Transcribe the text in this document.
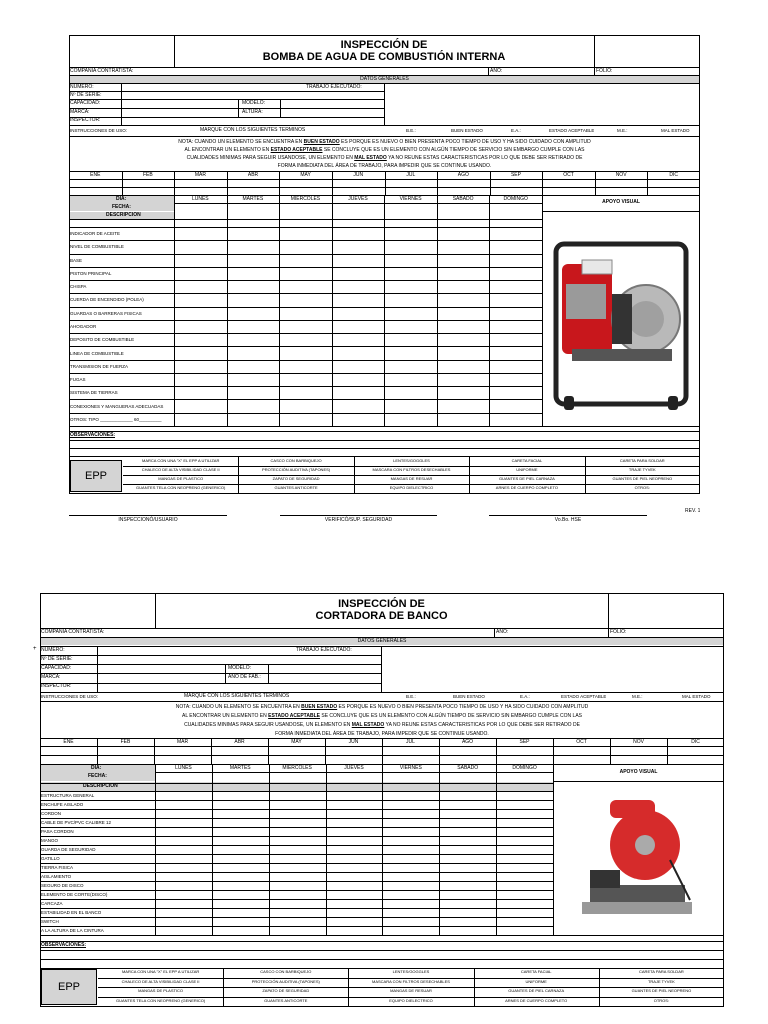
INSPECCIÓN DE
BOMBA DE AGUA DE COMBUSTIÓN INTERNA
COMPAÑÍA CONTRATISTA:	AÑO:	FOLIO:
DATOS GENERALES
NUMERO:	TRABAJO EJECUTADO:
Nº DE SERIE:
CAPACIDAD:	MODELO:
MARCA:	ALTURA:
INSPECTOR:
INSTRUCCIONES DE USO:	MARQUE CON LOS SIGUIENTES TERMINOS	B.E.:	BUEN ESTADO	E.A.:	ESTADO ACEPTABLE	M.E.:	MAL ESTADO
NOTA: CUANDO UN ELEMENTO SE ENCUENTRA EN BUEN ESTADO ES PORQUE ES NUEVO O BIEN PRESENTA POCO TIEMPO DE USO Y HA SIDO CUIDADO CON AMPLITUD
AL ENCONTRAR UN ELEMENTO EN ESTADO ACEPTABLE SE CONCLUYE QUE ES UN ELEMENTO CON ALGÚN TIEMPO DE SERVICIO SIN EMBARGO CUMPLE CON LAS
CUALIDADES MINIMAS PARA SEGUIR USANDOSE, UN ELEMENTO EN MAL ESTADO YA NO REUNE ESTAS CARACTERISTICAS POR LO QUE DEBE SER RETIRADO DE
FORMA INMEDIATA DEL ÁREA DE TRABAJO, PARA IMPEDIR QUE SE CONTINUE USANDO.
ENE	FEB	MAR	ABR	MAY	JUN	JUL	AGO	SEP	OCT	NOV	DIC
DIA:
FECHA:
DESCRIPCIÓN
LUNES	MARTES	MIERCOLES	JUEVES	VIERNES	SABADO	DOMINGO
INDICADOR DE ACEITE
NIVEL DE COMBUSTIBLE
BASE
PISTON PRINCIPAL
CHISPA
CUERDA DE ENCENDIDO (POLEA)
GUARDAS O BARRERAS FISICAS
AHOGADOR
DEPOSITO DE COMBUSTIBLE
LINEA DE COMBUSTIBLE
TRANSMISION DE FUERZA
FUGAS
SISTEMA DE TIERRAS
CONEXIONES Y MANGUERAS ADECUADAS
OTROS: TIPO _____________ 60_________
APOYO VISUAL
OBSERVACIONES:
EPP
MARCA CON UNA "X" EL EPP A UTILIZAR	CASCO CON BARBIQUEJO	LENTES/GOGGLES	CARETA FACIAL	CARETA PARA SOLDAR
CHALECO DE ALTA VISIBILIDAD CLASE II	PROTECCIÓN AUDITIVA (TAPONES)	MASCARA CON FILTROS DESECHABLES	UNIFORME	TRAJE TYVEK
MANGAS DE PLASTICO	ZAPATO DE SEGURIDAD	MANGAS DE RESUAR	GUANTES DE PIEL CARNAZA	GUANTES DE PIEL NEOPRENO
GUANTES TELA CON NEOPRENO (GENERICO)	GUANTES ANTICORTE	EQUIPO DIELECTRICO	ARNES DE CUERPO COMPLETO	OTROS:
INSPECCIONÓ/USUARIO	VERIFICÓ/SUP. SEGURIDAD	Vo.Bo. HSE
REV. 1
INSPECCIÓN DE
CORTADORA DE BANCO
COMPAÑÍA CONTRATISTA:	AÑO:	FOLIO:
DATOS GENERALES
NUMERO:	TRABAJO EJECUTADO:
Nº DE SERIE:
CAPACIDAD:	MODELO:
MARCA:	AÑO DE FAB.:
INSPECTOR:
INSTRUCCIONES DE USO:	MARQUE CON LOS SIGUIENTES TERMINOS	B.E.:	BUEN ESTADO	E.A.:	ESTADO ACEPTABLE	M.E.:	MAL ESTADO
NOTA: CUANDO UN ELEMENTO SE ENCUENTRA EN BUEN ESTADO ES PORQUE ES NUEVO O BIEN PRESENTA POCO TIEMPO DE USO Y HA SIDO CUIDADO CON AMPLITUD
AL ENCONTRAR UN ELEMENTO EN ESTADO ACEPTABLE SE CONCLUYE QUE ES UN ELEMENTO CON ALGÚN TIEMPO DE SERVICIO SIN EMBARGO CUMPLE CON LAS
CUALIDADES MINIMAS PARA SEGUIR USANDOSE, UN ELEMENTO EN MAL ESTADO YA NO REUNE ESTAS CARACTERISTICAS POR LO QUE DEBE SER RETIRADO DE
FORMA INMEDIATA DEL ÁREA DE TRABAJO, PARA IMPEDIR QUE SE CONTINUE USANDO.
ENE	FEB	MAR	ABR	MAY	JUN	JUL	AGO	SEP	OCT	NOV	DIC
DIA:
FECHA:
DESCRIPCIÓN
LUNES	MARTES	MIERCOLES	JUEVES	VIERNES	SABADO	DOMINGO
ESTRUCTURA GENERAL
ENCHUFE AISLADO
CORDON
CABLE DE PVC/PVC CALIBRE 12
PASA CORDON
MANGO
GUARDA DE SEGURIDAD
GATILLO
TIERRA FISICA
AISLAMIENTO
SEGURO DE DISCO
ELEMENTO DE CORTE(DISCO)
CARCAZA
ESTABILIDAD EN EL BANCO
SWITCH
A LA ALTURA DE LA CINTURA
APOYO VISUAL
OBSERVACIONES:
EPP
MARCA CON UNA "X" EL EPP A UTILIZAR	CASCO CON BARBIQUEJO	LENTES/GOGGLES	CARETA FACIAL	CARETA PARA SOLDAR
CHALECO DE ALTA VISIBILIDAD CLASE II	PROTECCIÓN AUDITIVA (TAPONES)	MASCARA CON FILTROS DESECHABLES	UNIFORME	TRAJE TYVEK
MANGAS DE PLASTICO	ZAPATO DE SEGURIDAD	MANGAS DE RESUAR	GUANTES DE PIEL CARNAZA	GUANTES DE PIEL NEOPRENO
GUANTES TELA CON NEOPRENO (GENERICO)	GUANTES ANTICORTE	EQUIPO DIELECTRICO	ARNES DE CUERPO COMPLETO	OTROS:
+
